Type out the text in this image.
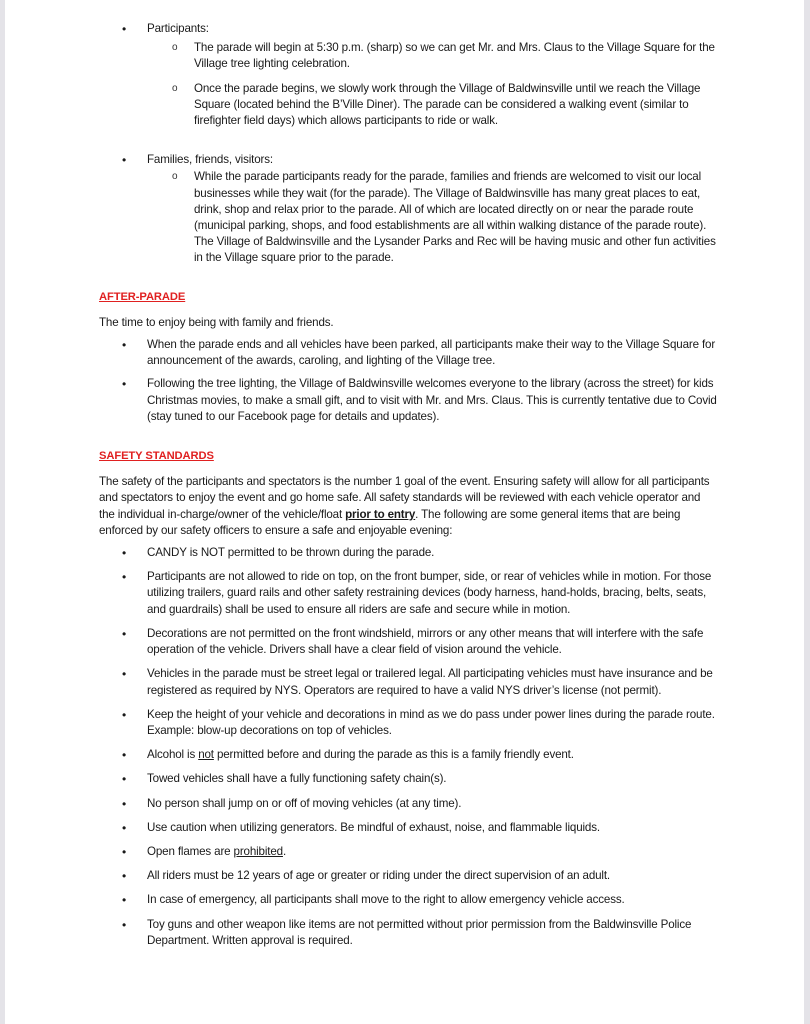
• Participants:

o The parade will begin at 5:30 p.m. (sharp) so we can get Mr. and Mrs. Claus to the Village Square for the Village tree lighting celebration.

o Once the parade begins, we slowly work through the Village of Baldwinsville until we reach the Village Square (located behind the B’Ville Diner). The parade can be considered a walking event (similar to firefighter field days) which allows participants to ride or walk.

• Families, friends, visitors:

o While the parade participants ready for the parade, families and friends are welcomed to visit our local businesses while they wait (for the parade). The Village of Baldwinsville has many great places to eat, drink, shop and relax prior to the parade. All of which are located directly on or near the parade route (municipal parking, shops, and food establishments are all within walking distance of the parade route). The Village of Baldwinsville and the Lysander Parks and Rec will be having music and other fun activities in the Village square prior to the parade.

AFTER-PARADE

The time to enjoy being with family and friends.

• When the parade ends and all vehicles have been parked, all participants make their way to the Village Square for announcement of the awards, caroling, and lighting of the Village tree.

• Following the tree lighting, the Village of Baldwinsville welcomes everyone to the library (across the street) for kids Christmas movies, to make a small gift, and to visit with Mr. and Mrs. Claus. This is currently tentative due to Covid (stay tuned to our Facebook page for details and updates).

SAFETY STANDARDS

The safety of the participants and spectators is the number 1 goal of the event. Ensuring safety will allow for all participants and spectators to enjoy the event and go home safe. All safety standards will be reviewed with each vehicle operator and the individual in-charge/owner of the vehicle/float prior to entry. The following are some general items that are being enforced by our safety officers to ensure a safe and enjoyable evening:

• CANDY is NOT permitted to be thrown during the parade.

• Participants are not allowed to ride on top, on the front bumper, side, or rear of vehicles while in motion. For those utilizing trailers, guard rails and other safety restraining devices (body harness, hand-holds, bracing, belts, seats, and guardrails) shall be used to ensure all riders are safe and secure while in motion.

• Decorations are not permitted on the front windshield, mirrors or any other means that will interfere with the safe operation of the vehicle. Drivers shall have a clear field of vision around the vehicle.

• Vehicles in the parade must be street legal or trailered legal. All participating vehicles must have insurance and be registered as required by NYS. Operators are required to have a valid NYS driver’s license (not permit).

• Keep the height of your vehicle and decorations in mind as we do pass under power lines during the parade route. Example: blow-up decorations on top of vehicles.

• Alcohol is not permitted before and during the parade as this is a family friendly event.

• Towed vehicles shall have a fully functioning safety chain(s).

• No person shall jump on or off of moving vehicles (at any time).

• Use caution when utilizing generators. Be mindful of exhaust, noise, and flammable liquids.

• Open flames are prohibited.

• All riders must be 12 years of age or greater or riding under the direct supervision of an adult.

• In case of emergency, all participants shall move to the right to allow emergency vehicle access.

• Toy guns and other weapon like items are not permitted without prior permission from the Baldwinsville Police Department. Written approval is required.
